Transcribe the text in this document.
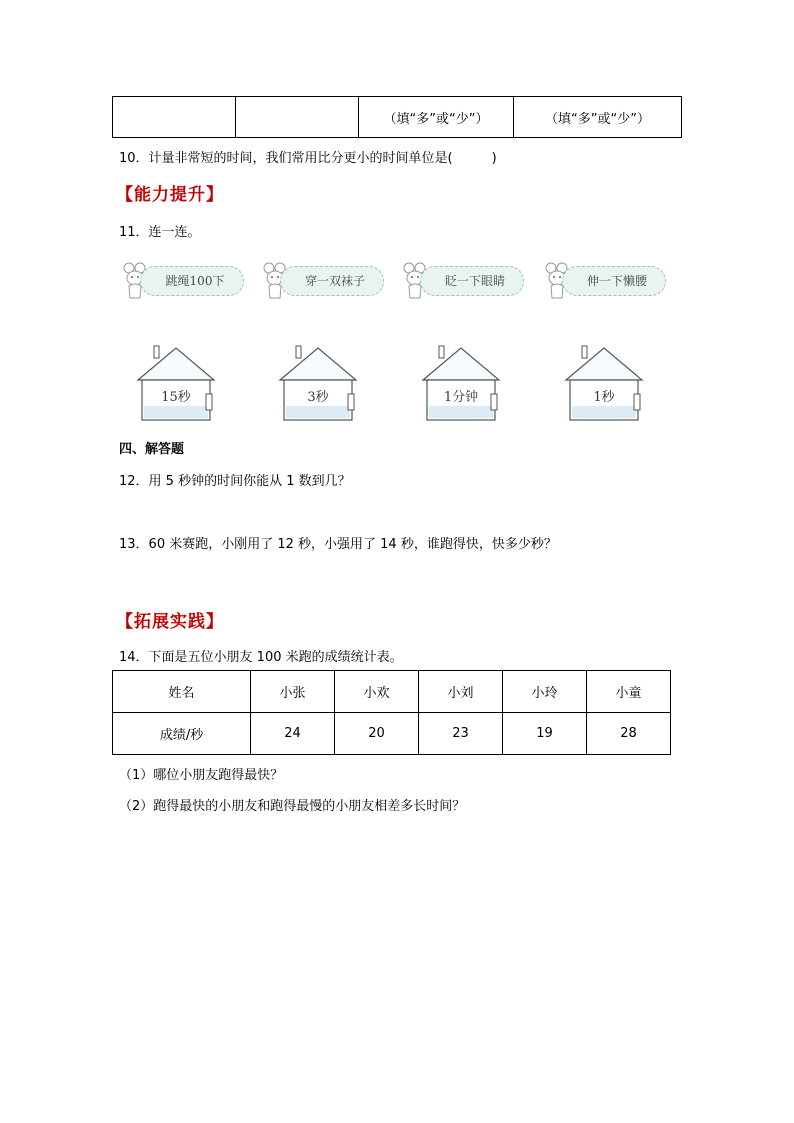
		（填“多”或“少”）	（填“多”或“少”）
10．计量非常短的时间，我们常用比分更小的时间单位是(　　　)
【能力提升】
11．连一连。
跳绳100下	穿一双袜子	眨一下眼睛	伸一下懒腰
15秒	3秒	1分钟	1秒
四、解答题
12．用 5 秒钟的时间你能从 1 数到几？
13．60 米赛跑，小刚用了 12 秒，小强用了 14 秒，谁跑得快，快多少秒？
【拓展实践】
14．下面是五位小朋友 100 米跑的成绩统计表。
姓名	小张	小欢	小刘	小玲	小童
成绩/秒	24	20	23	19	28
（1）哪位小朋友跑得最快？
（2）跑得最快的小朋友和跑得最慢的小朋友相差多长时间？
